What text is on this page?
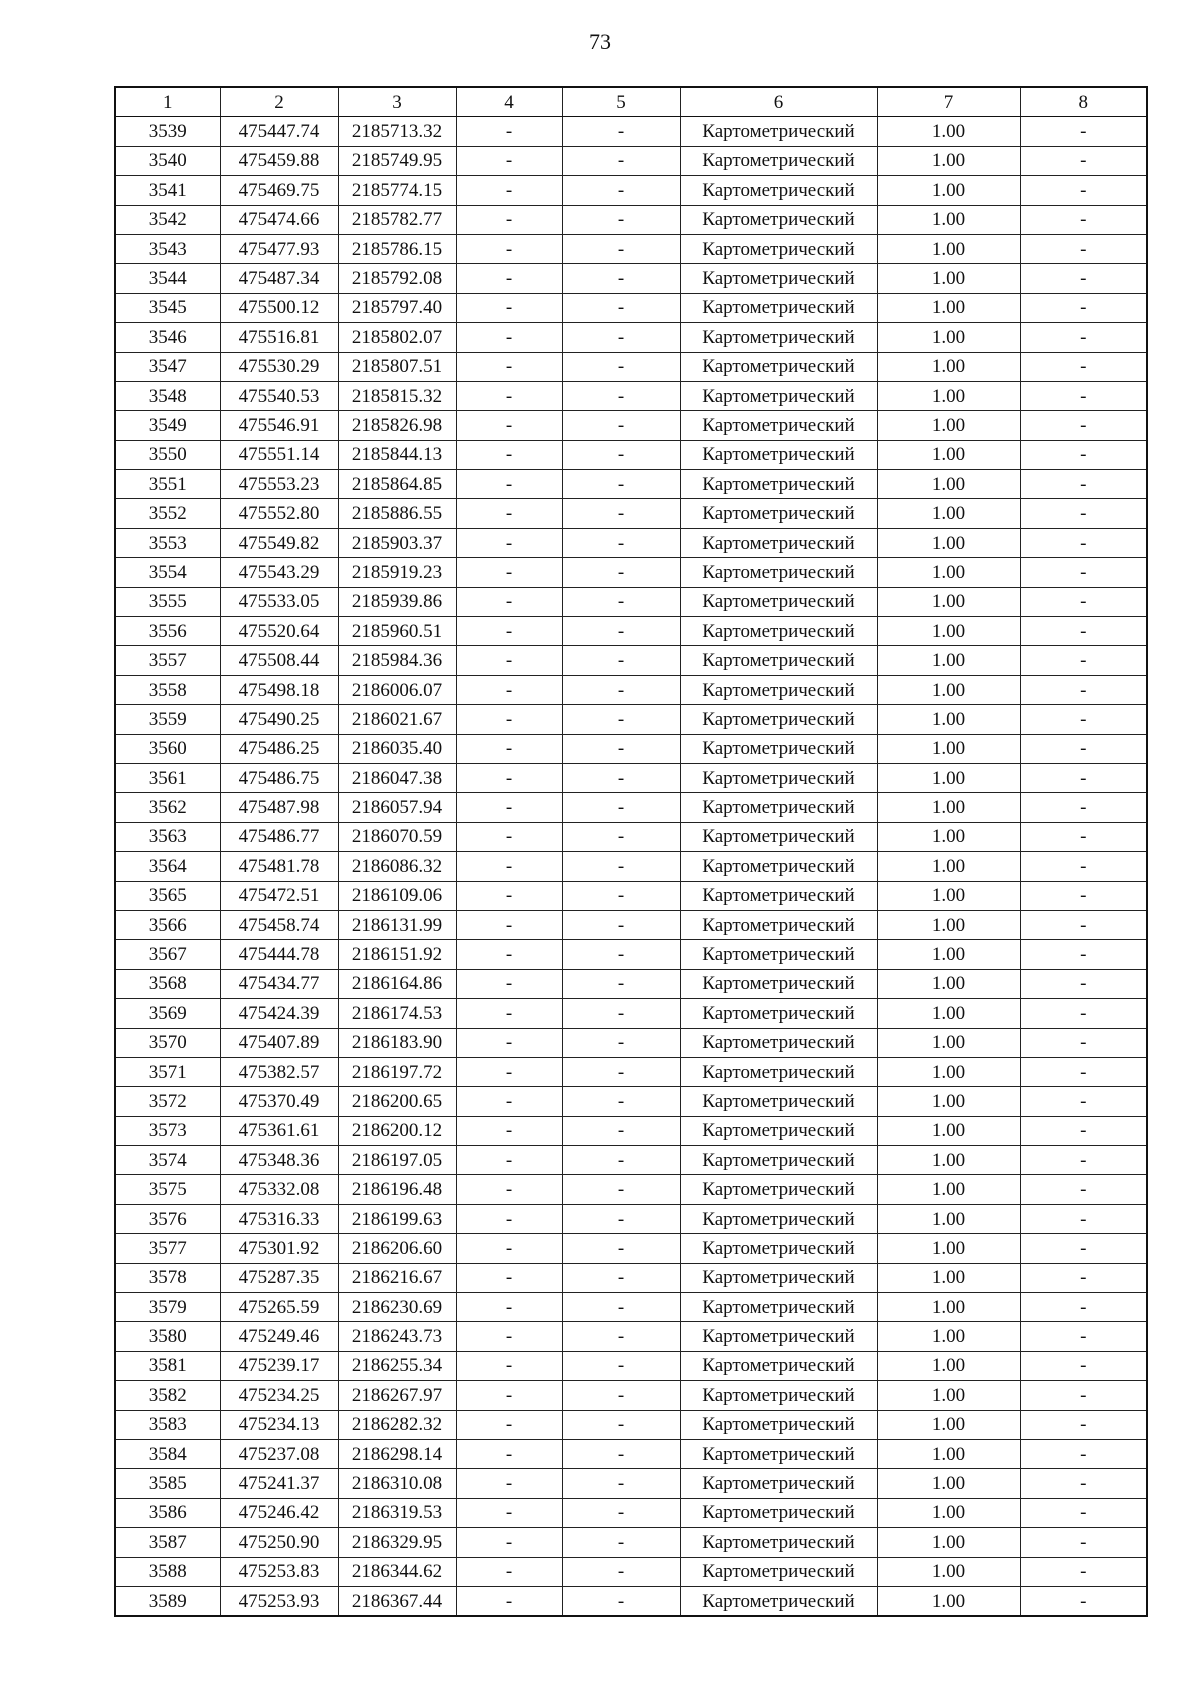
73
1	2	3	4	5	6	7	8
3539	475447.74	2185713.32	-	-	Картометрический	1.00	-
3540	475459.88	2185749.95	-	-	Картометрический	1.00	-
3541	475469.75	2185774.15	-	-	Картометрический	1.00	-
3542	475474.66	2185782.77	-	-	Картометрический	1.00	-
3543	475477.93	2185786.15	-	-	Картометрический	1.00	-
3544	475487.34	2185792.08	-	-	Картометрический	1.00	-
3545	475500.12	2185797.40	-	-	Картометрический	1.00	-
3546	475516.81	2185802.07	-	-	Картометрический	1.00	-
3547	475530.29	2185807.51	-	-	Картометрический	1.00	-
3548	475540.53	2185815.32	-	-	Картометрический	1.00	-
3549	475546.91	2185826.98	-	-	Картометрический	1.00	-
3550	475551.14	2185844.13	-	-	Картометрический	1.00	-
3551	475553.23	2185864.85	-	-	Картометрический	1.00	-
3552	475552.80	2185886.55	-	-	Картометрический	1.00	-
3553	475549.82	2185903.37	-	-	Картометрический	1.00	-
3554	475543.29	2185919.23	-	-	Картометрический	1.00	-
3555	475533.05	2185939.86	-	-	Картометрический	1.00	-
3556	475520.64	2185960.51	-	-	Картометрический	1.00	-
3557	475508.44	2185984.36	-	-	Картометрический	1.00	-
3558	475498.18	2186006.07	-	-	Картометрический	1.00	-
3559	475490.25	2186021.67	-	-	Картометрический	1.00	-
3560	475486.25	2186035.40	-	-	Картометрический	1.00	-
3561	475486.75	2186047.38	-	-	Картометрический	1.00	-
3562	475487.98	2186057.94	-	-	Картометрический	1.00	-
3563	475486.77	2186070.59	-	-	Картометрический	1.00	-
3564	475481.78	2186086.32	-	-	Картометрический	1.00	-
3565	475472.51	2186109.06	-	-	Картометрический	1.00	-
3566	475458.74	2186131.99	-	-	Картометрический	1.00	-
3567	475444.78	2186151.92	-	-	Картометрический	1.00	-
3568	475434.77	2186164.86	-	-	Картометрический	1.00	-
3569	475424.39	2186174.53	-	-	Картометрический	1.00	-
3570	475407.89	2186183.90	-	-	Картометрический	1.00	-
3571	475382.57	2186197.72	-	-	Картометрический	1.00	-
3572	475370.49	2186200.65	-	-	Картометрический	1.00	-
3573	475361.61	2186200.12	-	-	Картометрический	1.00	-
3574	475348.36	2186197.05	-	-	Картометрический	1.00	-
3575	475332.08	2186196.48	-	-	Картометрический	1.00	-
3576	475316.33	2186199.63	-	-	Картометрический	1.00	-
3577	475301.92	2186206.60	-	-	Картометрический	1.00	-
3578	475287.35	2186216.67	-	-	Картометрический	1.00	-
3579	475265.59	2186230.69	-	-	Картометрический	1.00	-
3580	475249.46	2186243.73	-	-	Картометрический	1.00	-
3581	475239.17	2186255.34	-	-	Картометрический	1.00	-
3582	475234.25	2186267.97	-	-	Картометрический	1.00	-
3583	475234.13	2186282.32	-	-	Картометрический	1.00	-
3584	475237.08	2186298.14	-	-	Картометрический	1.00	-
3585	475241.37	2186310.08	-	-	Картометрический	1.00	-
3586	475246.42	2186319.53	-	-	Картометрический	1.00	-
3587	475250.90	2186329.95	-	-	Картометрический	1.00	-
3588	475253.83	2186344.62	-	-	Картометрический	1.00	-
3589	475253.93	2186367.44	-	-	Картометрический	1.00	-
